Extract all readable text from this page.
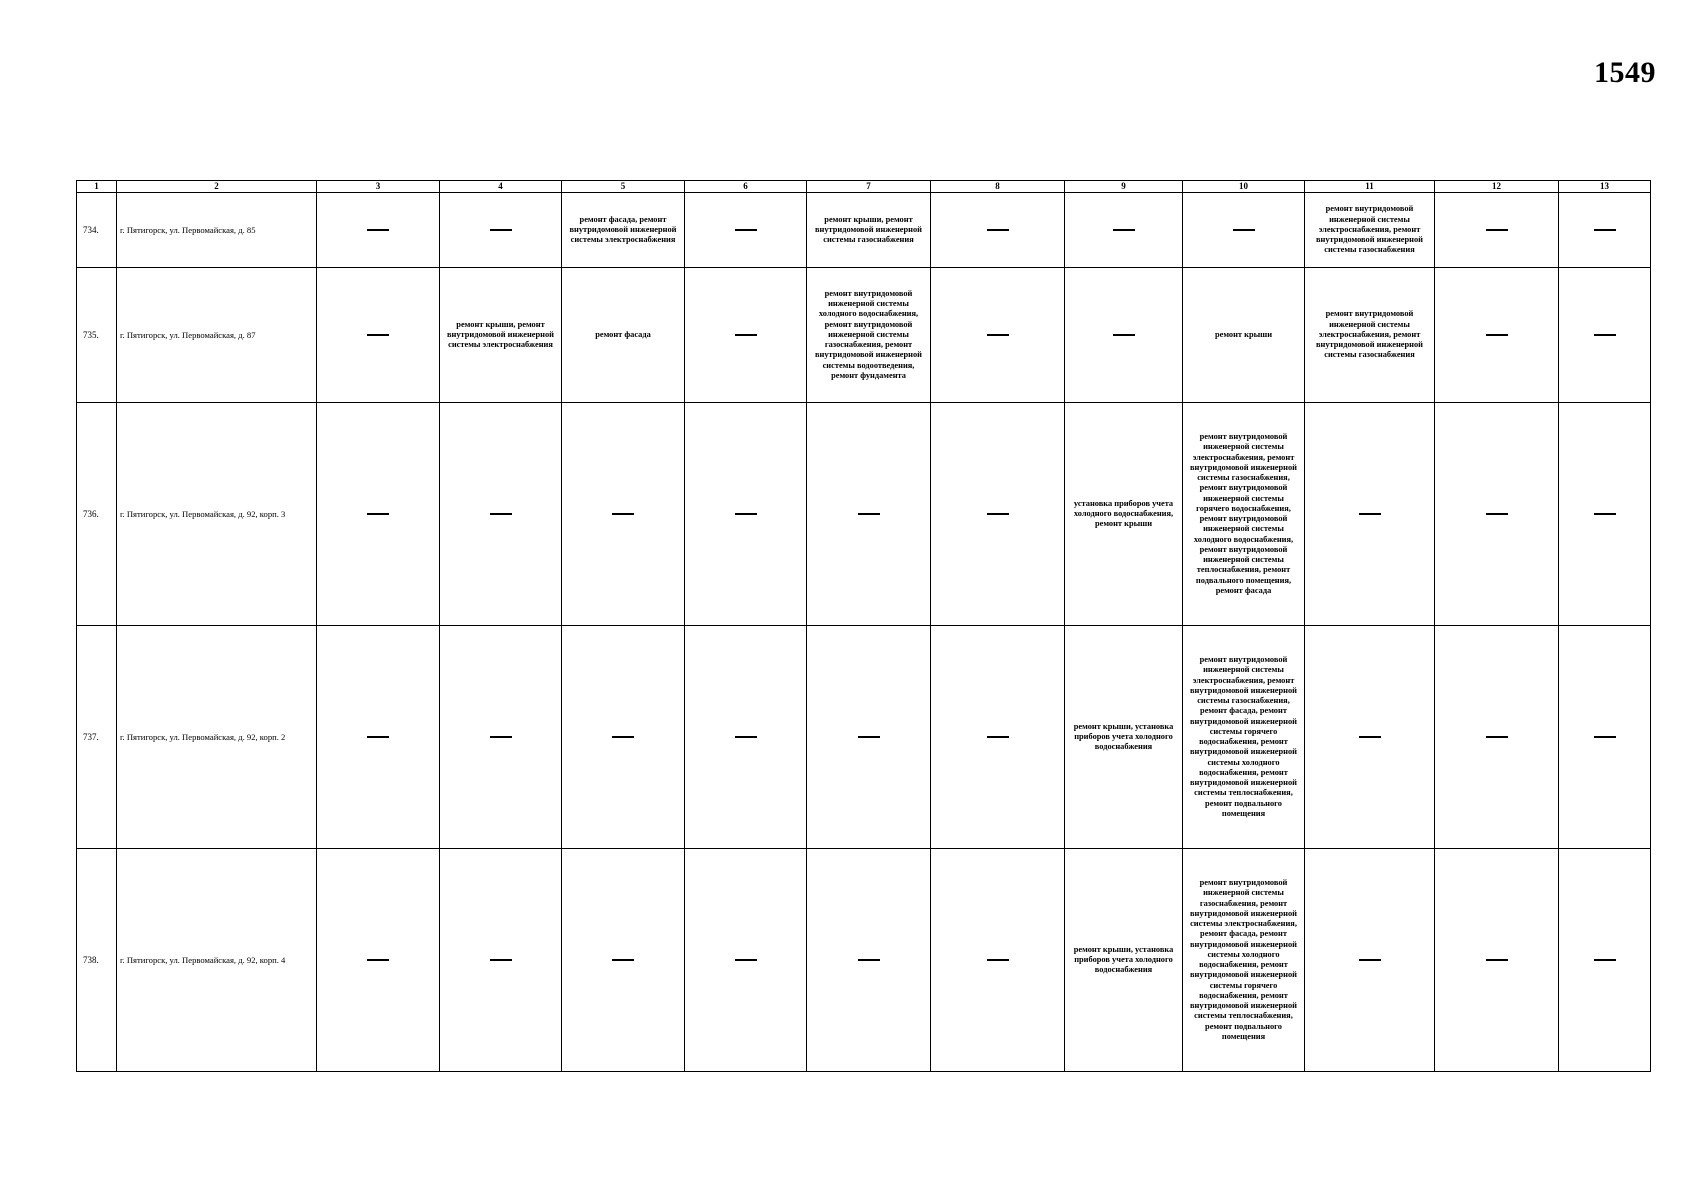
1549
1	2	3	4	5	6	7	8	9	10	11	12	13
734.	г. Пятигорск, ул. Первомайская, д. 85			ремонт фасада, ремонт внутридомовой инженерной системы электроснабжения		ремонт крыши, ремонт внутридомовой инженерной системы газоснабжения				ремонт внутридомовой инженерной системы электроснабжения, ремонт внутридомовой инженерной системы газоснабжения		
735.	г. Пятигорск, ул. Первомайская, д. 87		ремонт крыши, ремонт внутридомовой инженерной системы электроснабжения	ремонт фасада		ремонт внутридомовой инженерной системы холодного водоснабжения, ремонт внутридомовой инженерной системы газоснабжения, ремонт внутридомовой инженерной системы водоотведения, ремонт фундамента			ремонт крыши	ремонт внутридомовой инженерной системы электроснабжения, ремонт внутридомовой инженерной системы газоснабжения		
736.	г. Пятигорск, ул. Первомайская, д. 92, корп. 3							установка приборов учета холодного водоснабжения, ремонт крыши	ремонт внутридомовой инженерной системы электроснабжения, ремонт внутридомовой инженерной системы газоснабжения, ремонт внутридомовой инженерной системы горячего водоснабжения, ремонт внутридомовой инженерной системы холодного водоснабжения, ремонт внутридомовой инженерной системы теплоснабжения, ремонт подвального помещения, ремонт фасада			
737.	г. Пятигорск, ул. Первомайская, д. 92, корп. 2							ремонт крыши, установка приборов учета холодного водоснабжения	ремонт внутридомовой инженерной системы электроснабжения, ремонт внутридомовой инженерной системы газоснабжения, ремонт фасада, ремонт внутридомовой инженерной системы горячего водоснабжения, ремонт внутридомовой инженерной системы холодного водоснабжения, ремонт внутридомовой инженерной системы теплоснабжения, ремонт подвального помещения			
738.	г. Пятигорск, ул. Первомайская, д. 92, корп. 4							ремонт крыши, установка приборов учета холодного водоснабжения	ремонт внутридомовой инженерной системы газоснабжения, ремонт внутридомовой инженерной системы электроснабжения, ремонт фасада, ремонт внутридомовой инженерной системы холодного водоснабжения, ремонт внутридомовой инженерной системы горячего водоснабжения, ремонт внутридомовой инженерной системы теплоснабжения, ремонт подвального помещения			
